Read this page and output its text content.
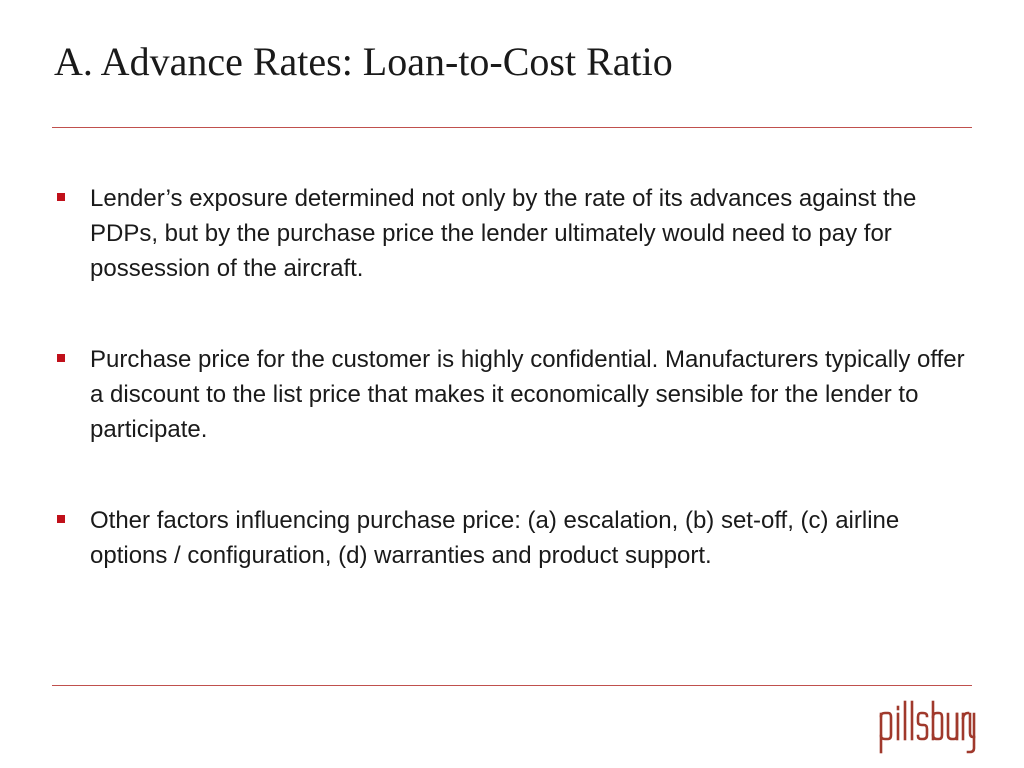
A. Advance Rates: Loan-to-Cost Ratio
Lender’s exposure determined not only by the rate of its advances against the PDPs, but by the purchase price the lender ultimately would need to pay for possession of the aircraft.
Purchase price for the customer is highly confidential. Manufacturers typically offer a discount to the list price that makes it economically sensible for the lender to participate.
Other factors influencing purchase price: (a) escalation, (b) set-off, (c) airline options / configuration, (d) warranties and product support.
